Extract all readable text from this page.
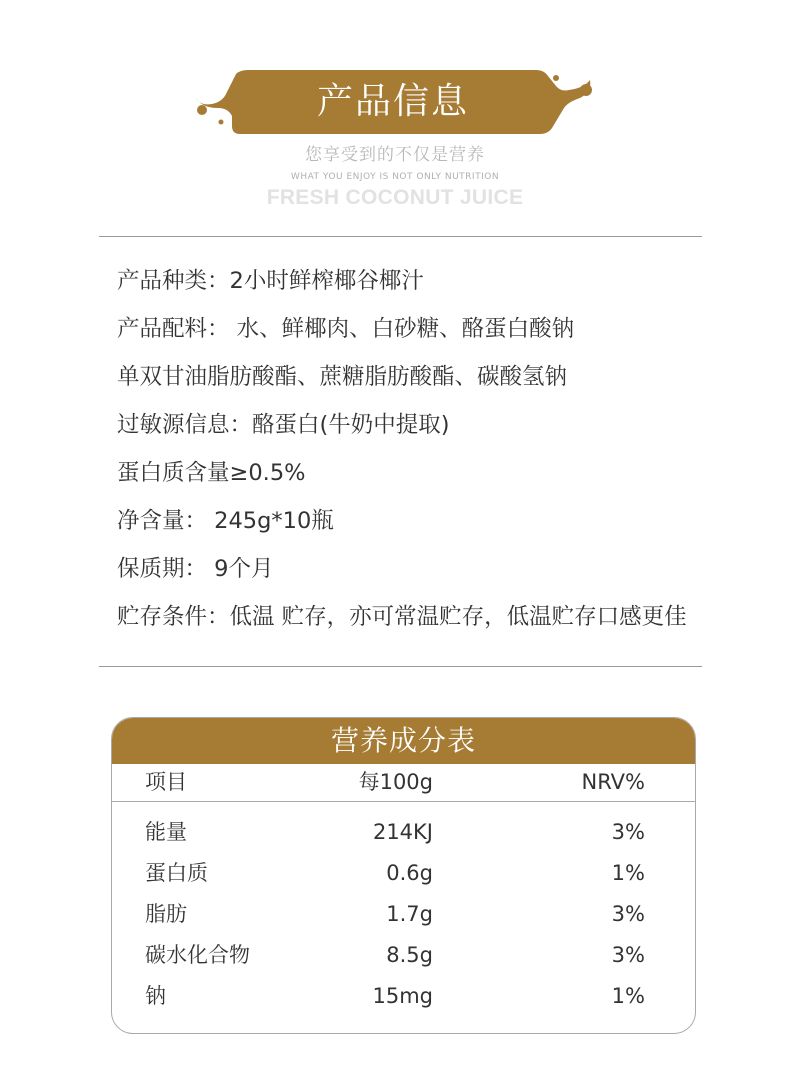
产品信息
您享受到的不仅是营养
WHAT YOU ENJOY IS NOT ONLY NUTRITION
FRESH COCONUT JUICE
产品种类：2小时鲜榨椰谷椰汁
产品配料： 水、鲜椰肉、白砂糖、酪蛋白酸钠
单双甘油脂肪酸酯、蔗糖脂肪酸酯、碳酸氢钠
过敏源信息：酪蛋白(牛奶中提取)
蛋白质含量≥0.5%
净含量： 245g*10瓶
保质期： 9个月
贮存条件：低温 贮存，亦可常温贮存，低温贮存口感更佳
营养成分表
项目	每100g	NRV%
能量	214KJ	3%
蛋白质	0.6g	1%
脂肪	1.7g	3%
碳水化合物	8.5g	3%
钠	15mg	1%
